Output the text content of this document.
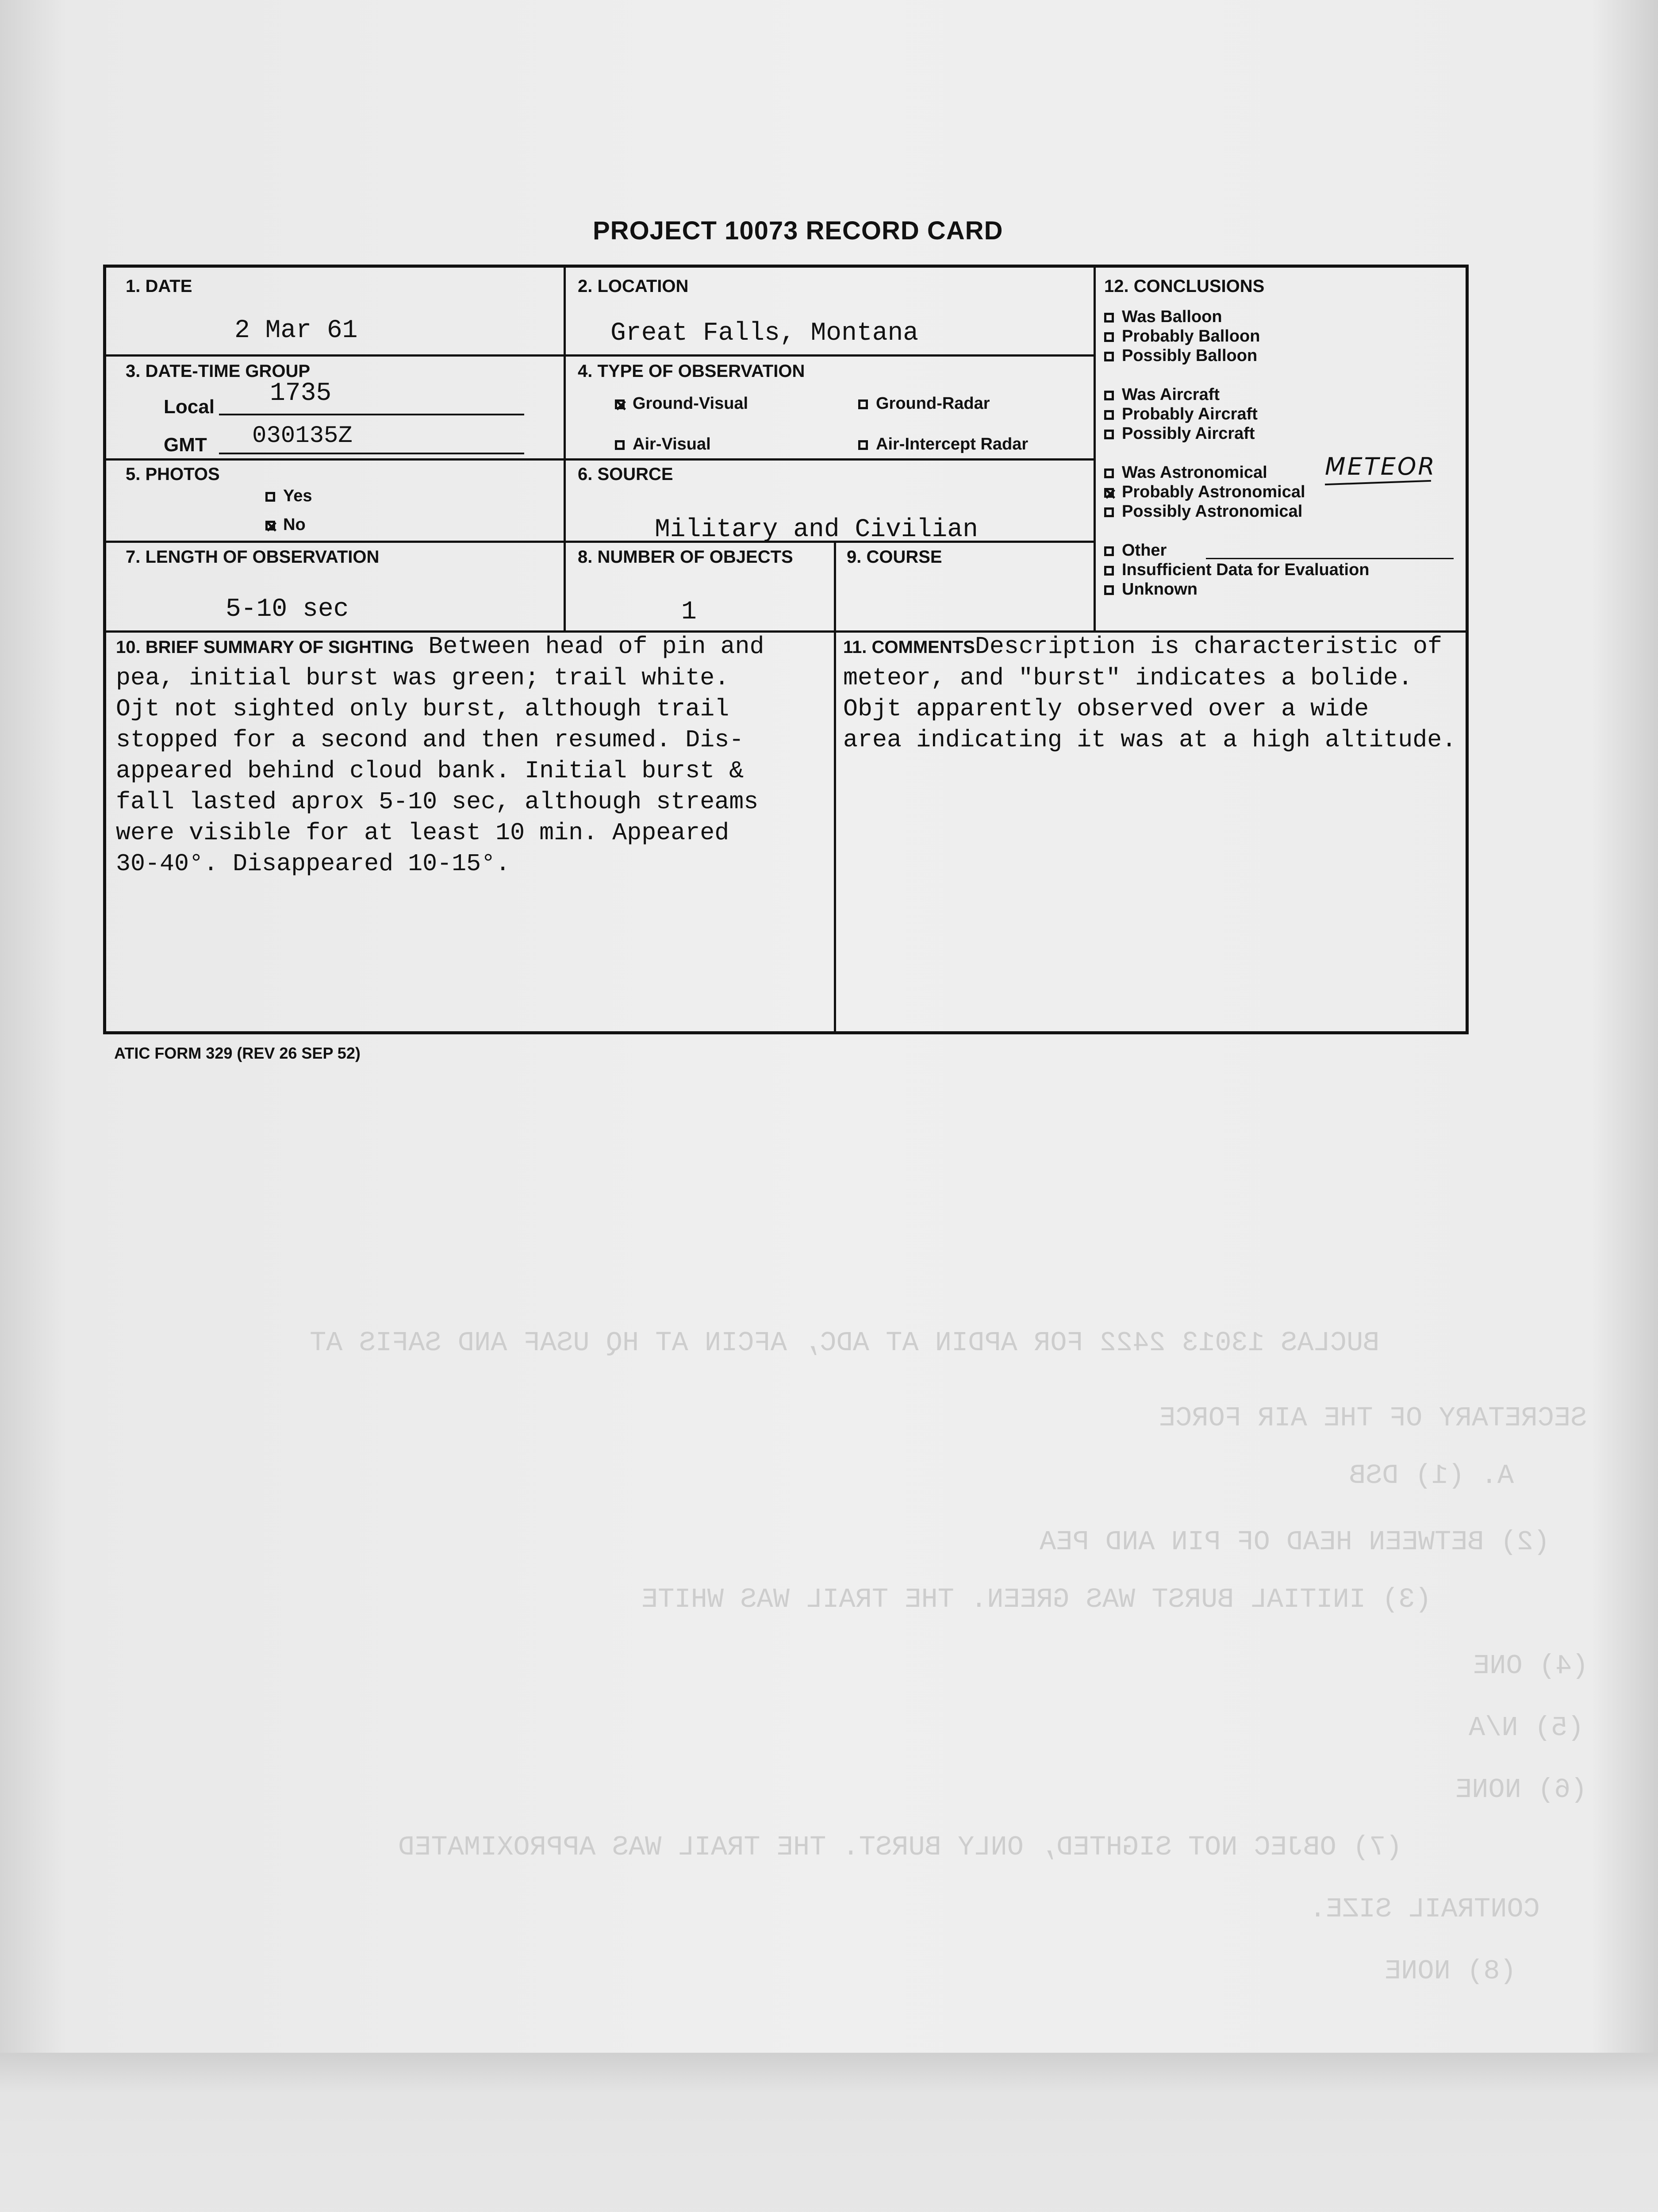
BUCLAS 13013 2422 FOR APDIN AT ADC, AFCIN AT HQ USAF AND SAFIS AT
SECRETARY OF THE AIR FORCE
A. (1) DSB
(2) BETWEEN HEAD OF PIN AND PEA
(3) INITIAL BURST WAS GREEN. THE TRAIL WAS WHITE
(4) ONE
(5) N/A
(6) NONE
(7) OBJEC NOT SIGHTED, ONLY BURST. THE TRAIL WAS APPROXIMATED
CONTRAIL SIZE.
(8) NONE
PROJECT 10073 RECORD CARD
1. DATE
2 Mar 61
2. LOCATION
Great Falls, Montana
3. DATE-TIME GROUP
Local 1735
GMT 030135Z
4. TYPE OF OBSERVATION
Ground-Visual	Ground-Radar
Air-Visual	Air-Intercept Radar
5. PHOTOS
Yes
No
6. SOURCE
Military and Civilian
7. LENGTH OF OBSERVATION
5-10 sec
8. NUMBER OF OBJECTS
1
9. COURSE
12. CONCLUSIONS
Was Balloon
Probably Balloon
Possibly Balloon
Was Aircraft
Probably Aircraft
Possibly Aircraft
Was Astronomical
Probably Astronomical
Possibly Astronomical
Other
Insufficient Data for Evaluation
Unknown
METEOR
10. BRIEF SUMMARY OF SIGHTING Between head of pin and
pea, initial burst was green; trail white.
Ojt not sighted only burst, although trail
stopped for a second and then resumed. Dis-
appeared behind cloud bank. Initial burst &
fall lasted aprox 5-10 sec, although streams
were visible for at least 10 min. Appeared
30-40°. Disappeared 10-15°.
11. COMMENTSDescription is characteristic of
meteor, and "burst" indicates a bolide.
Objt apparently observed over a wide
area indicating it was at a high altitude.
ATIC FORM 329 (REV 26 SEP 52)
